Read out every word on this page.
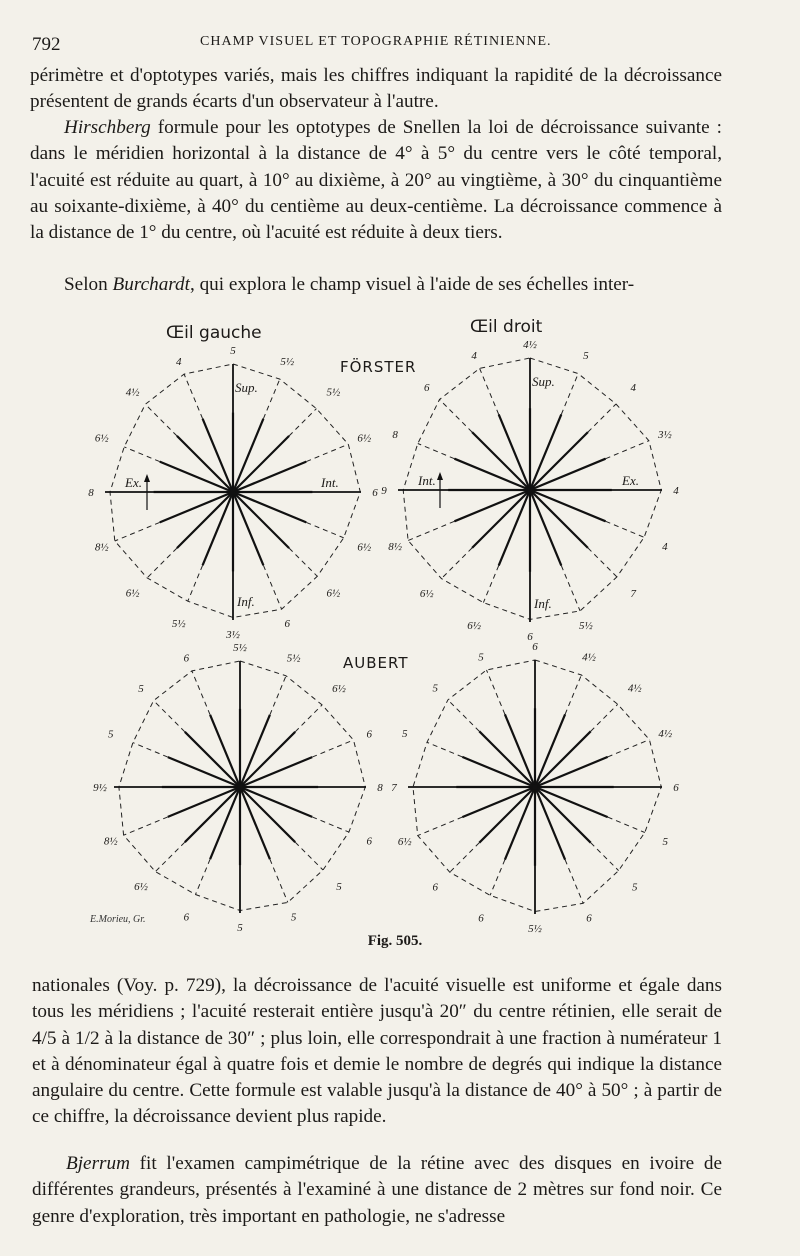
792	CHAMP VISUEL ET TOPOGRAPHIE RÉTINIENNE.

périmètre et d'optotypes variés, mais les chiffres indiquant la rapidité de la décroissance présentent de grands écarts d'un observateur à l'autre.

Hirschberg formule pour les optotypes de Snellen la loi de décroissance suivante : dans le méridien horizontal à la distance de 4° à 5° du centre vers le côté temporal, l'acuité est réduite au quart, à 10° au dixième, à 20° au vingtième, à 30° du cinquantième au soixante-dixième, à 40° du centième au deux-centième. La décroissance commence à la distance de 1° du centre, où l'acuité est réduite à deux tiers.

Selon Burchardt, qui explora le champ visuel à l'aide de ses échelles inter-

Œil gauche	Œil droit
FÖRSTER
AUBERT
5
5½
5½
6½
6
6½
6½
6
3½
5½
6½
8½
8
6½
4½
4
Sup.
Inf.
Ex.	Int.
4½
5
4
3½
4
4
7
5½
6
6½
6½
8½
9
8
6
4
Sup.
Inf.
Int.	Ex.
5½
5½
6½
6
8
6
5
5
5
6
6½
8½
9½
5
5
6
6
4½
4½
4½
6
5
5
6
5½
6
6
6½
7
5
5
5
E.Morieu, Gr.
Fig. 505.

nationales (Voy. p. 729), la décroissance de l'acuité visuelle est uniforme et égale dans tous les méridiens ; l'acuité resterait entière jusqu'à 20″ du centre rétinien, elle serait de 4/5 à 1/2 à la distance de 30″ ; plus loin, elle correspondrait à une fraction à numérateur 1 et à dénominateur égal à quatre fois et demie le nombre de degrés qui indique la distance angulaire du centre. Cette formule est valable jusqu'à la distance de 40° à 50° ; à partir de ce chiffre, la décroissance devient plus rapide.

Bjerrum fit l'examen campimétrique de la rétine avec des disques en ivoire de différentes grandeurs, présentés à l'examiné à une distance de 2 mètres sur fond noir. Ce genre d'exploration, très important en pathologie, ne s'adresse
